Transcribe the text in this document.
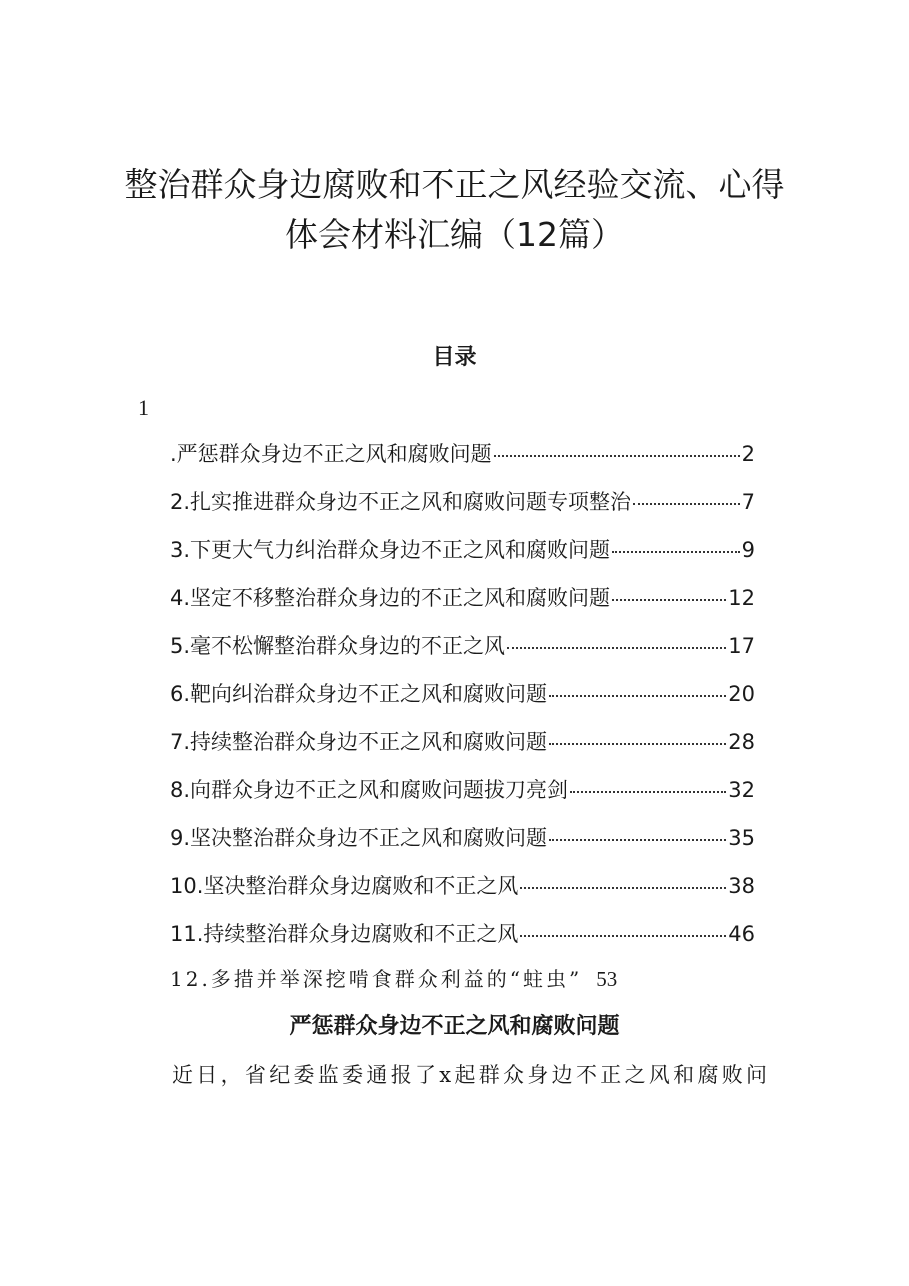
整治群众身边腐败和不正之风经验交流、心得
体会材料汇编（12篇）
目录
1
.严惩群众身边不正之风和腐败问题	2
2.扎实推进群众身边不正之风和腐败问题专项整治	7
3.下更大气力纠治群众身边不正之风和腐败问题	9
4.坚定不移整治群众身边的不正之风和腐败问题	12
5.毫不松懈整治群众身边的不正之风	17
6.靶向纠治群众身边不正之风和腐败问题	20
7.持续整治群众身边不正之风和腐败问题	28
8.向群众身边不正之风和腐败问题拔刀亮剑	32
9.坚决整治群众身边不正之风和腐败问题	35
10.坚决整治群众身边腐败和不正之风	38
11.持续整治群众身边腐败和不正之风	46
12.多措并举深挖啃食群众利益的“蛀虫” 53
严惩群众身边不正之风和腐败问题
近日，省纪委监委通报了x起群众身边不正之风和腐败问
